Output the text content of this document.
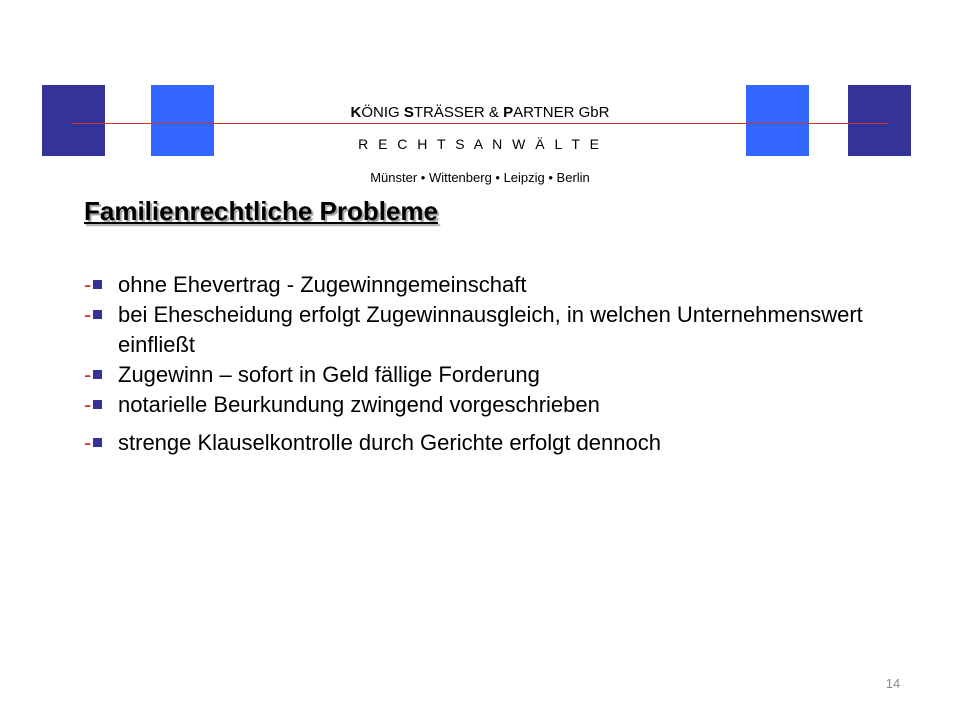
KÖNIG STRÄSSER & PARTNER GbR
R E C H T S A N W Ä L T E
Münster • Wittenberg • Leipzig • Berlin
Familienrechtliche Probleme
-	ohne Ehevertrag - Zugewinngemeinschaft
-	bei Ehescheidung erfolgt Zugewinnausgleich, in welchen Unternehmenswert einfließt
-	Zugewinn – sofort in Geld fällige Forderung
-	notarielle Beurkundung zwingend vorgeschrieben
-	strenge Klauselkontrolle durch Gerichte erfolgt dennoch
14
